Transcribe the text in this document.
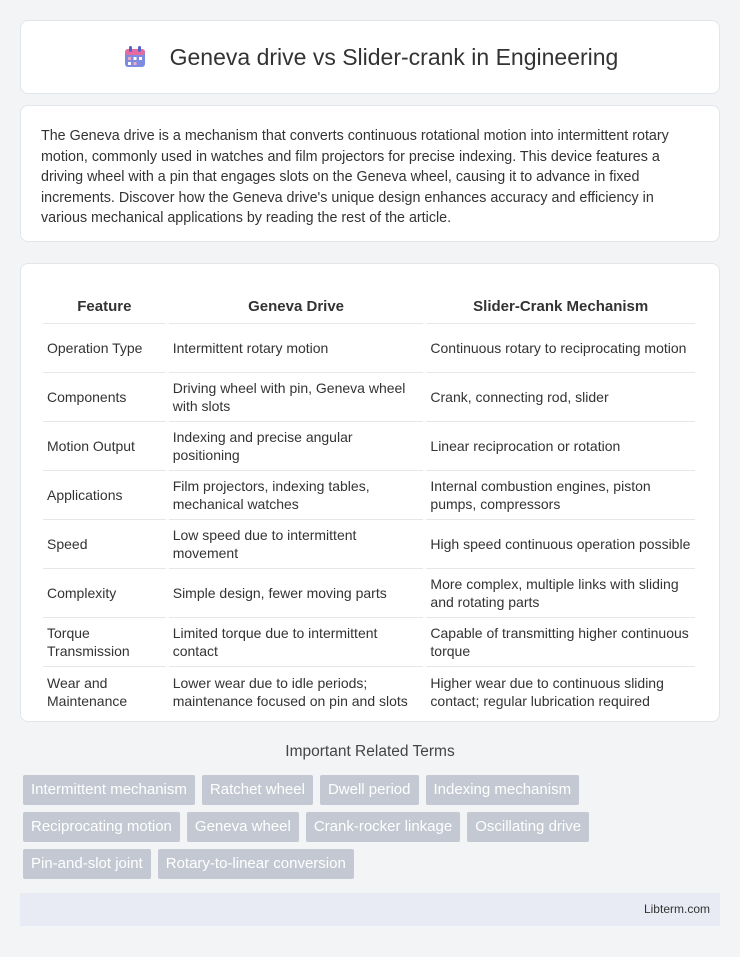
Geneva drive vs Slider-crank in Engineering

The Geneva drive is a mechanism that converts continuous rotational motion into intermittent rotary motion, commonly used in watches and film projectors for precise indexing. This device features a driving wheel with a pin that engages slots on the Geneva wheel, causing it to advance in fixed increments. Discover how the Geneva drive's unique design enhances accuracy and efficiency in various mechanical applications by reading the rest of the article.

Feature	Geneva Drive	Slider-Crank Mechanism
Operation Type	Intermittent rotary motion	Continuous rotary to reciprocating motion
Components	Driving wheel with pin, Geneva wheel with slots	Crank, connecting rod, slider
Motion Output	Indexing and precise angular positioning	Linear reciprocation or rotation
Applications	Film projectors, indexing tables, mechanical watches	Internal combustion engines, piston pumps, compressors
Speed	Low speed due to intermittent movement	High speed continuous operation possible
Complexity	Simple design, fewer moving parts	More complex, multiple links with sliding and rotating parts
Torque Transmission	Limited torque due to intermittent contact	Capable of transmitting higher continuous torque
Wear and Maintenance	Lower wear due to idle periods; maintenance focused on pin and slots	Higher wear due to continuous sliding contact; regular lubrication required
Important Related Terms
Intermittent mechanism	Ratchet wheel	Dwell period	Indexing mechanism
Reciprocating motion	Geneva wheel	Crank-rocker linkage	Oscillating drive
Pin-and-slot joint	Rotary-to-linear conversion
Libterm.com
